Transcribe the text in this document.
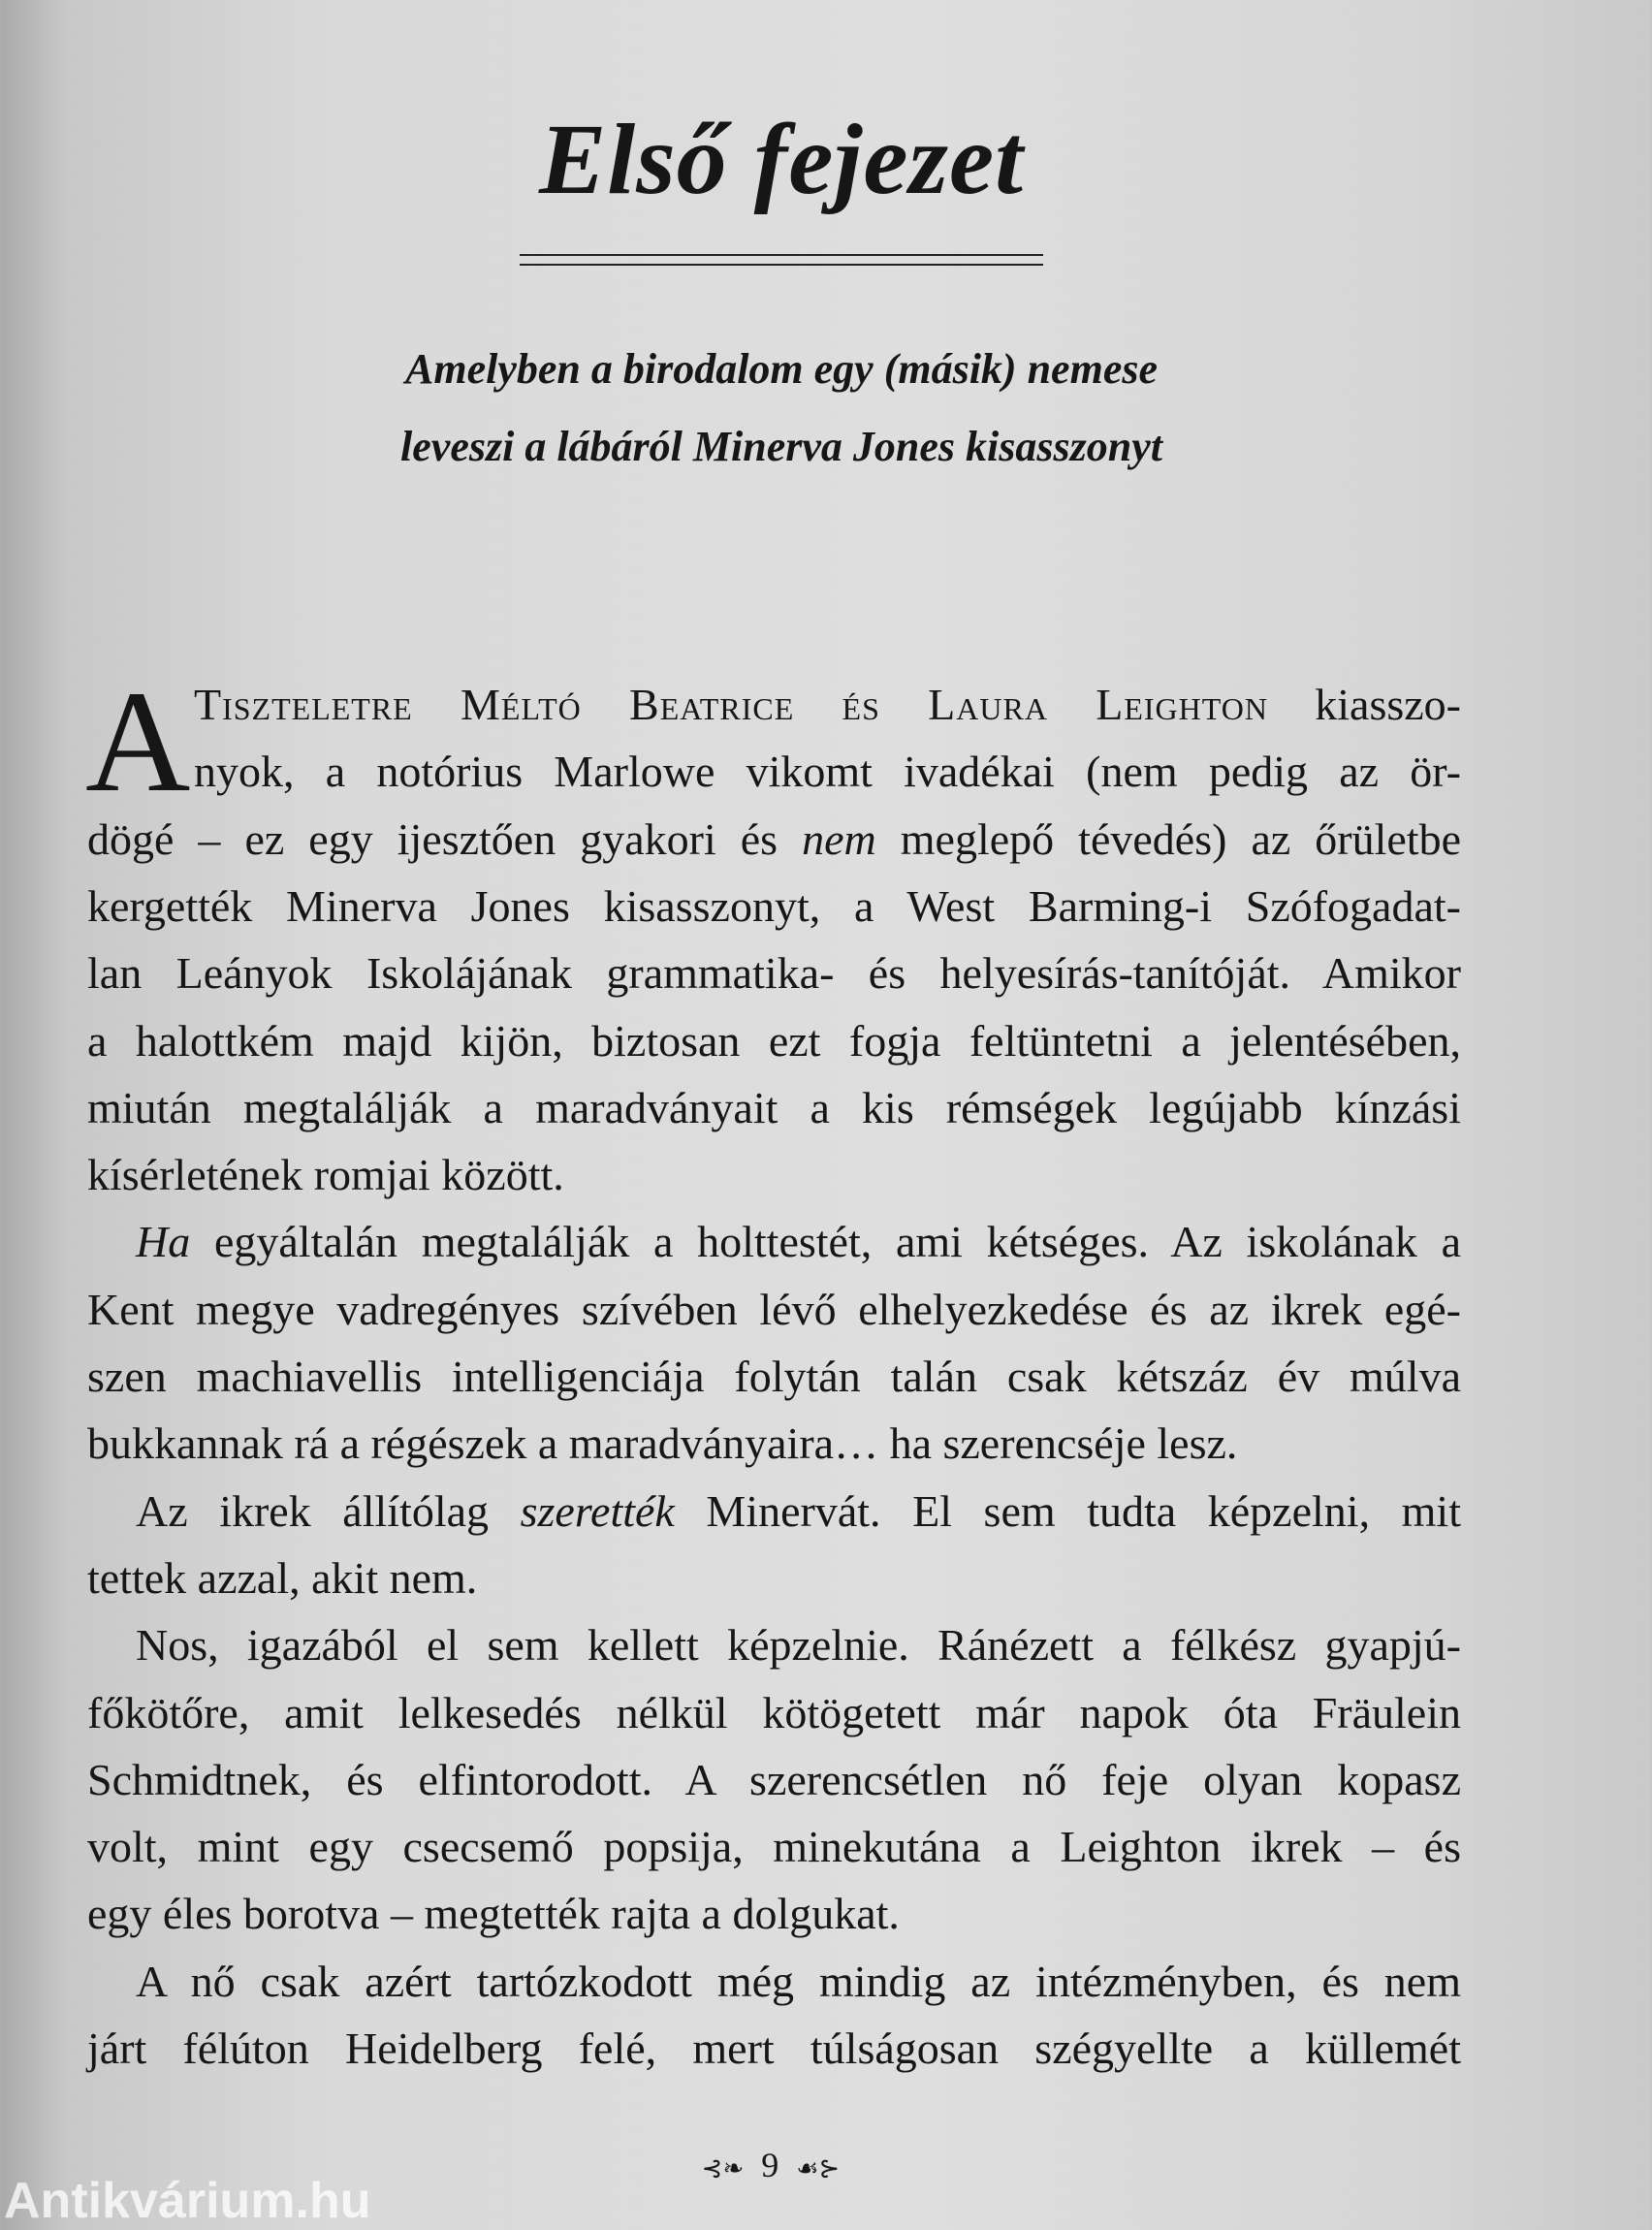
Első fejezet
Amelyben a birodalom egy (másik) nemese
leveszi a lábáról Minerva Jones kisasszonyt
A Tiszteletre Méltó Beatrice és Laura Leighton kiasszo-
nyok, a notórius Marlowe vikomt ivadékai (nem pedig az ör-
dögé – ez egy ijesztően gyakori és nem meglepő tévedés) az őrületbe
kergették Minerva Jones kisasszonyt, a West Barming-i Szófogadat-
lan Leányok Iskolájának grammatika- és helyesírás-tanítóját. Amikor
a halottkém majd kijön, biztosan ezt fogja feltüntetni a jelentésében,
miután megtalálják a maradványait a kis rémségek legújabb kínzási
kísérletének romjai között.
Ha egyáltalán megtalálják a holttestét, ami kétséges. Az iskolának a
Kent megye vadregényes szívében lévő elhelyezkedése és az ikrek egé-
szen machiavellis intelligenciája folytán talán csak kétszáz év múlva
bukkannak rá a régészek a maradványaira… ha szerencséje lesz.
Az ikrek állítólag szerették Minervát. El sem tudta képzelni, mit
tettek azzal, akit nem.
Nos, igazából el sem kellett képzelnie. Ránézett a félkész gyapjú-
főkötőre, amit lelkesedés nélkül kötögetett már napok óta Fräulein
Schmidtnek, és elfintorodott. A szerencsétlen nő feje olyan kopasz
volt, mint egy csecsemő popsija, minekutána a Leighton ikrek – és
egy éles borotva – megtették rajta a dolgukat.
A nő csak azért tartózkodott még mindig az intézményben, és nem
járt félúton Heidelberg felé, mert túlságosan szégyellte a küllemét
⊰❧ 9 ☙⊱
Antikvárium.hu
